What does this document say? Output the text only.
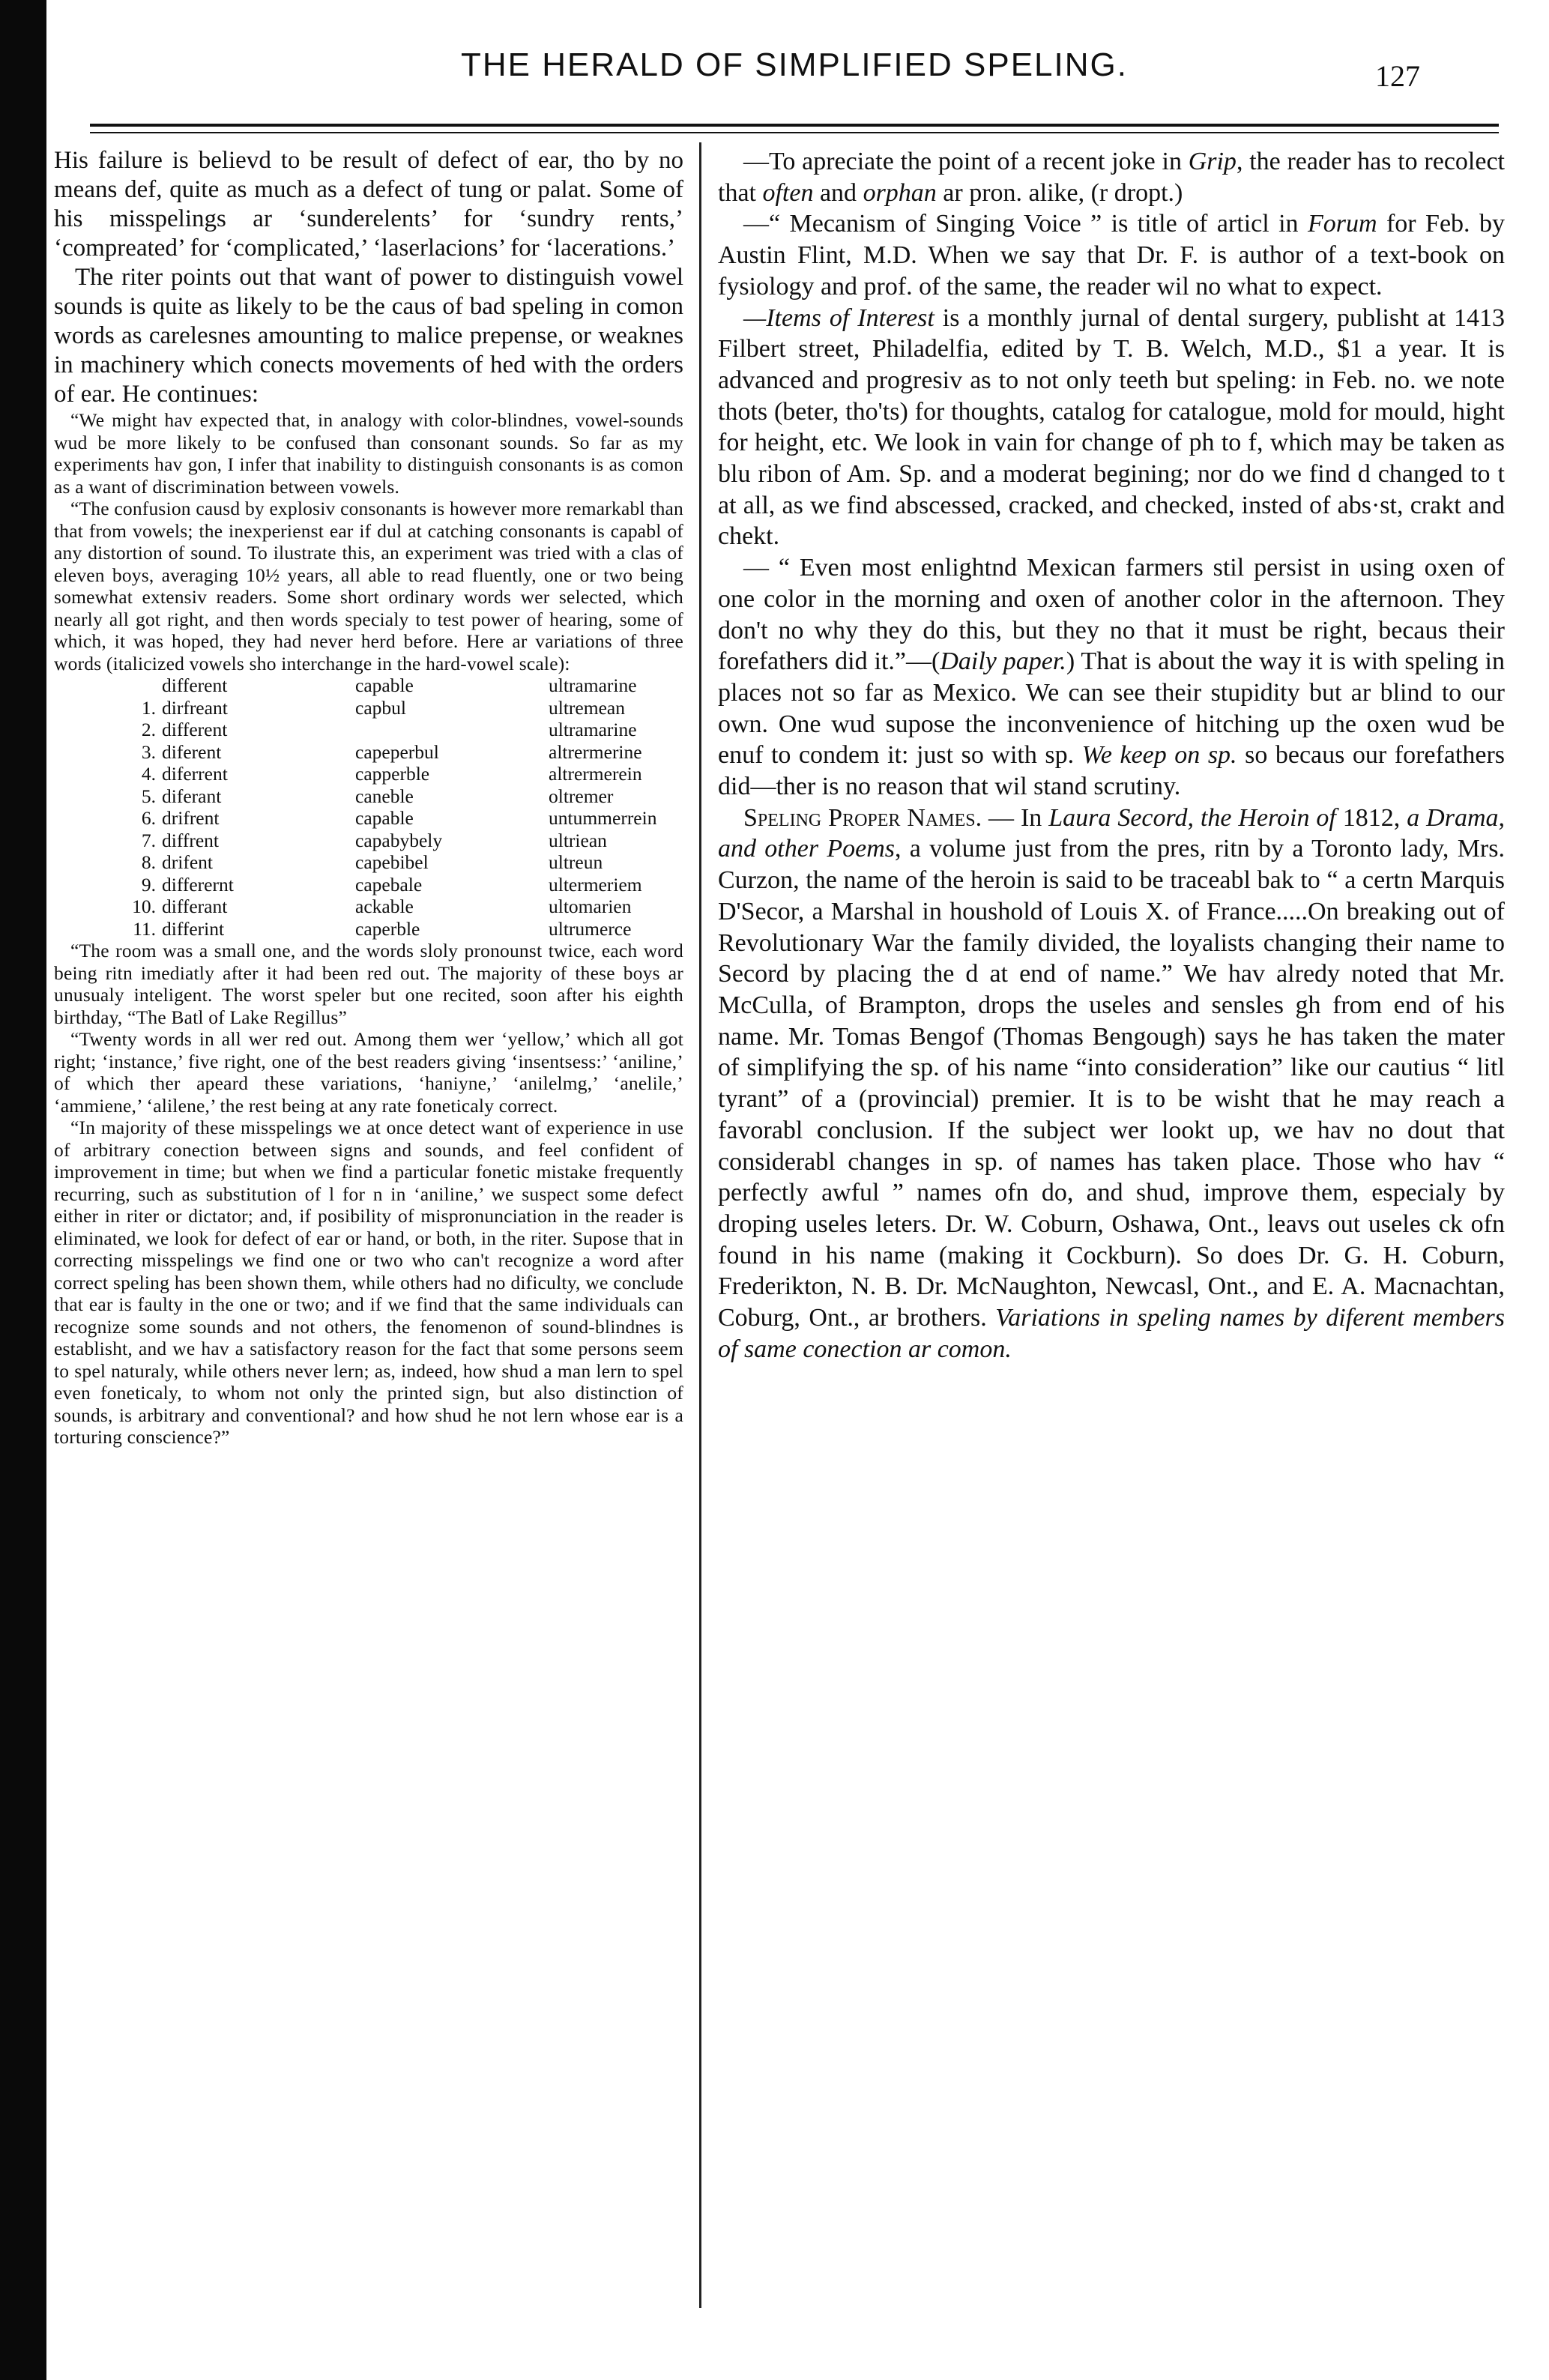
THE HERALD OF SIMPLIFIED SPELING.	127

His failure is believd to be result of defect of ear, tho by no means def, quite as much as a defect of tung or palat. Some of his misspelings ar ‘sunderelents’ for ‘sundry rents,’ ‘compreated’ for ‘complicated,’ ‘laserlacions’ for ‘lacerations.’

The riter points out that want of power to distinguish vowel sounds is quite as likely to be the caus of bad speling in comon words as carelesnes amounting to malice prepense, or weaknes in machinery which conects movements of hed with the orders of ear. He continues:

“We might hav expected that, in analogy with color-blindnes, vowel-sounds wud be more likely to be confused than consonant sounds. So far as my experiments hav gon, I infer that inability to distinguish consonants is as comon as a want of discrimination between vowels.

“The confusion causd by explosiv consonants is however more remarkabl than that from vowels; the inexperienst ear if dul at catching consonants is capabl of any distortion of sound. To ilustrate this, an experiment was tried with a clas of eleven boys, averaging 10½ years, all able to read fluently, one or two being somewhat extensiv readers. Some short ordinary words wer selected, which nearly all got right, and then words specialy to test power of hearing, some of which, it was hoped, they had never herd before. Here ar variations of three words (italicized vowels sho interchange in the hard-vowel scale):

	different	capable	ultramarine
1.	dirfreant	capbul	ultremean
2.	different		ultramarine
3.	diferent	capeperbul	altrermerine
4.	diferrent	capperble	altrermerein
5.	diferant	caneble	oltremer
6.	drifrent	capable	untummerrein
7.	diffrent	capabybely	ultriean
8.	drifent	capebibel	ultreun
9.	differernt	capebale	ultermeriem
10.	differant	ackable	ultomarien
11.	differint	caperble	ultrumerce

“The room was a small one, and the words sloly pronounst twice, each word being ritn imediatly after it had been red out. The majority of these boys ar unusualy inteligent. The worst speler but one recited, soon after his eighth birthday, “The Batl of Lake Regillus”

“Twenty words in all wer red out. Among them wer ‘yellow,’ which all got right; ‘instance,’ five right, one of the best readers giving ‘insentsess:’ ‘aniline,’ of which ther apeard these variations, ‘haniyne,’ ‘anilelmg,’ ‘anelile,’ ‘ammiene,’ ‘alilene,’ the rest being at any rate foneticaly correct.

“In majority of these misspelings we at once detect want of experience in use of arbitrary conection between signs and sounds, and feel confident of improvement in time; but when we find a particular fonetic mistake frequently recurring, such as substitution of l for n in ‘aniline,’ we suspect some defect either in riter or dictator; and, if posibility of mispronunciation in the reader is eliminated, we look for defect of ear or hand, or both, in the riter. Supose that in correcting misspelings we find one or two who can't recognize a word after correct speling has been shown them, while others had no dificulty, we conclude that ear is faulty in the one or two; and if we find that the same individuals can recognize some sounds and not others, the fenomenon of sound-blindnes is establisht, and we hav a satisfactory reason for the fact that some persons seem to spel naturaly, while others never lern; as, indeed, how shud a man lern to spel even foneticaly, to whom not only the printed sign, but also distinction of sounds, is arbitrary and conventional? and how shud he not lern whose ear is a torturing conscience?”

—To apreciate the point of a recent joke in Grip, the reader has to recolect that often and orphan ar pron. alike, (r dropt.)

—“ Mecanism of Singing Voice ” is title of articl in Forum for Feb. by Austin Flint, M.D. When we say that Dr. F. is author of a text-book on fysiology and prof. of the same, the reader wil no what to expect.

—Items of Interest is a monthly jurnal of dental surgery, publisht at 1413 Filbert street, Philadelfia, edited by T. B. Welch, M.D., $1 a year. It is advanced and progresiv as to not only teeth but speling: in Feb. no. we note thots (beter, tho'ts) for thoughts, catalog for catalogue, mold for mould, hight for height, etc. We look in vain for change of ph to f, which may be taken as blu ribon of Am. Sp. and a moderat begining; nor do we find d changed to t at all, as we find abscessed, cracked, and checked, insted of abs·st, crakt and chekt.

— “ Even most enlightnd Mexican farmers stil persist in using oxen of one color in the morning and oxen of another color in the afternoon. They don't no why they do this, but they no that it must be right, becaus their forefathers did it.”—(Daily paper.) That is about the way it is with speling in places not so far as Mexico. We can see their stupidity but ar blind to our own. One wud supose the inconvenience of hitching up the oxen wud be enuf to condem it: just so with sp. We keep on sp. so becaus our forefathers did—ther is no reason that wil stand scrutiny.

Speling Proper Names. — In Laura Secord, the Heroin of 1812, a Drama, and other Poems, a volume just from the pres, ritn by a Toronto lady, Mrs. Curzon, the name of the heroin is said to be traceabl bak to “ a certn Marquis D'Secor, a Marshal in houshold of Louis X. of France.....On breaking out of Revolutionary War the family divided, the loyalists changing their name to Secord by placing the d at end of name.” We hav alredy noted that Mr. McCulla, of Brampton, drops the useles and sensles gh from end of his name. Mr. Tomas Bengof (Thomas Bengough) says he has taken the mater of simplifying the sp. of his name “into consideration” like our cautius “ litl tyrant” of a (provincial) premier. It is to be wisht that he may reach a favorabl conclusion. If the subject wer lookt up, we hav no dout that considerabl changes in sp. of names has taken place. Those who hav “ perfectly awful ” names ofn do, and shud, improve them, especialy by droping useles leters. Dr. W. Coburn, Oshawa, Ont., leavs out useles ck ofn found in his name (making it Cockburn). So does Dr. G. H. Coburn, Frederikton, N. B. Dr. McNaughton, Newcasl, Ont., and E. A. Macnachtan, Coburg, Ont., ar brothers. Variations in speling names by diferent members of same conection ar comon.
